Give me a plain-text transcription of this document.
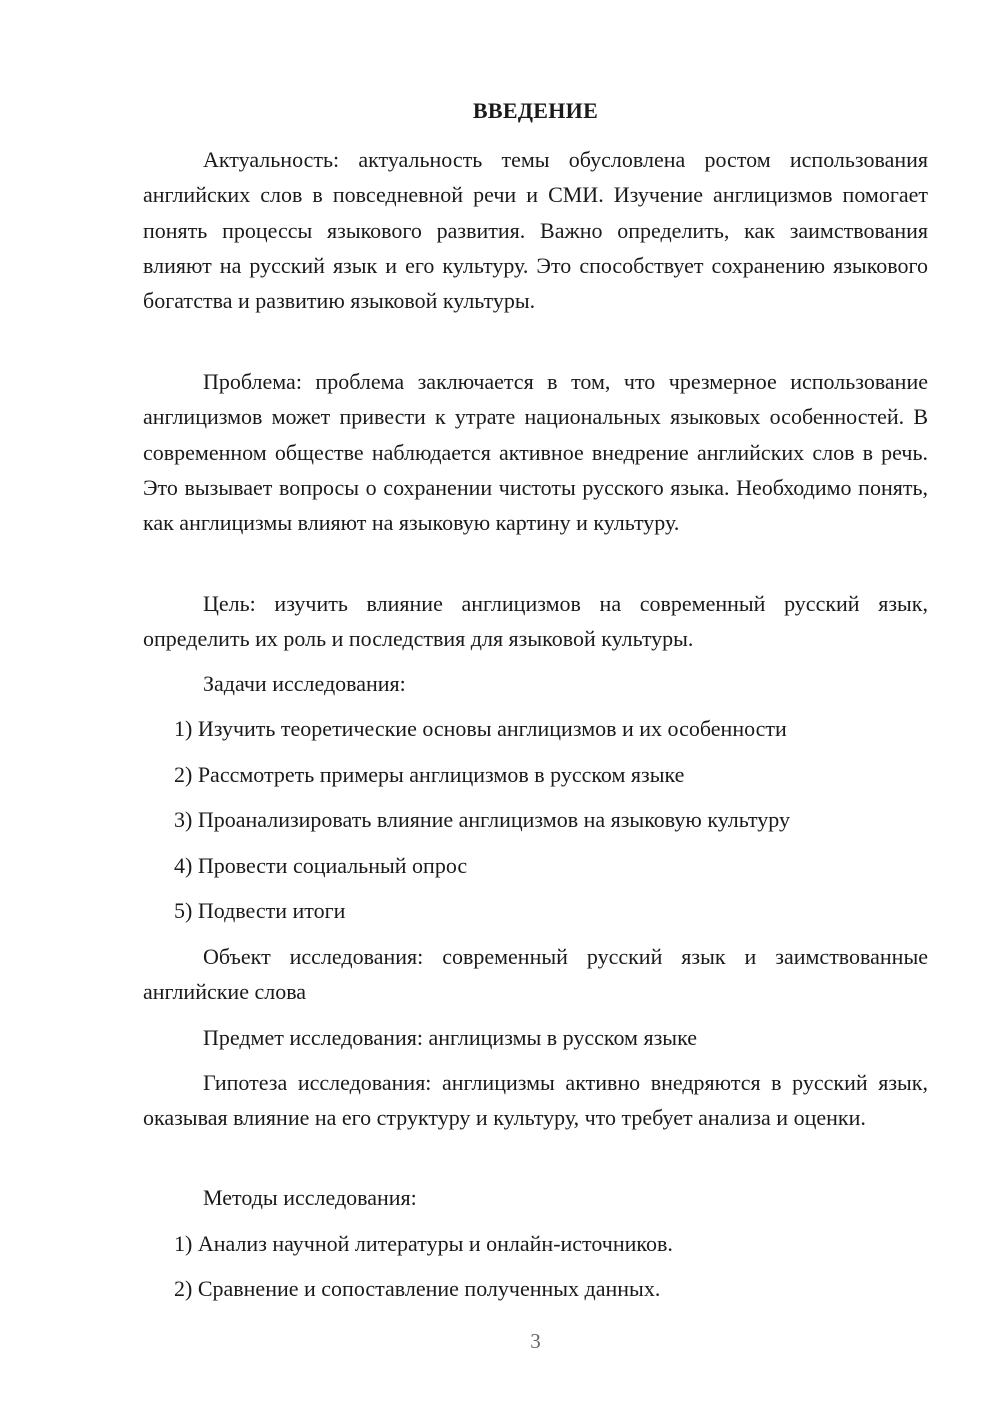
ВВЕДЕНИЕ
Актуальность: актуальность темы обусловлена ростом использования английских слов в повседневной речи и СМИ. Изучение англицизмов помогает понять процессы языкового развития. Важно определить, как заимствования влияют на русский язык и его культуру. Это способствует сохранению языкового богатства и развитию языковой культуры.
Проблема: проблема заключается в том, что чрезмерное использование англицизмов может привести к утрате национальных языковых особенностей. В современном обществе наблюдается активное внедрение английских слов в речь. Это вызывает вопросы о сохранении чистоты русского языка. Необходимо понять, как англицизмы влияют на языковую картину и культуру.
Цель: изучить влияние англицизмов на современный русский язык, определить их роль и последствия для языковой культуры.
Задачи исследования:
1) Изучить теоретические основы англицизмов и их особенности
2) Рассмотреть примеры англицизмов в русском языке
3) Проанализировать влияние англицизмов на языковую культуру
4) Провести социальный опрос
5) Подвести итоги
Объект исследования: современный русский язык и заимствованные английские слова
Предмет исследования: англицизмы в русском языке
Гипотеза исследования: англицизмы активно внедряются в русский язык, оказывая влияние на его структуру и культуру, что требует анализа и оценки.
Методы исследования:
1) Анализ научной литературы и онлайн-источников.
2) Сравнение и сопоставление полученных данных.
3
